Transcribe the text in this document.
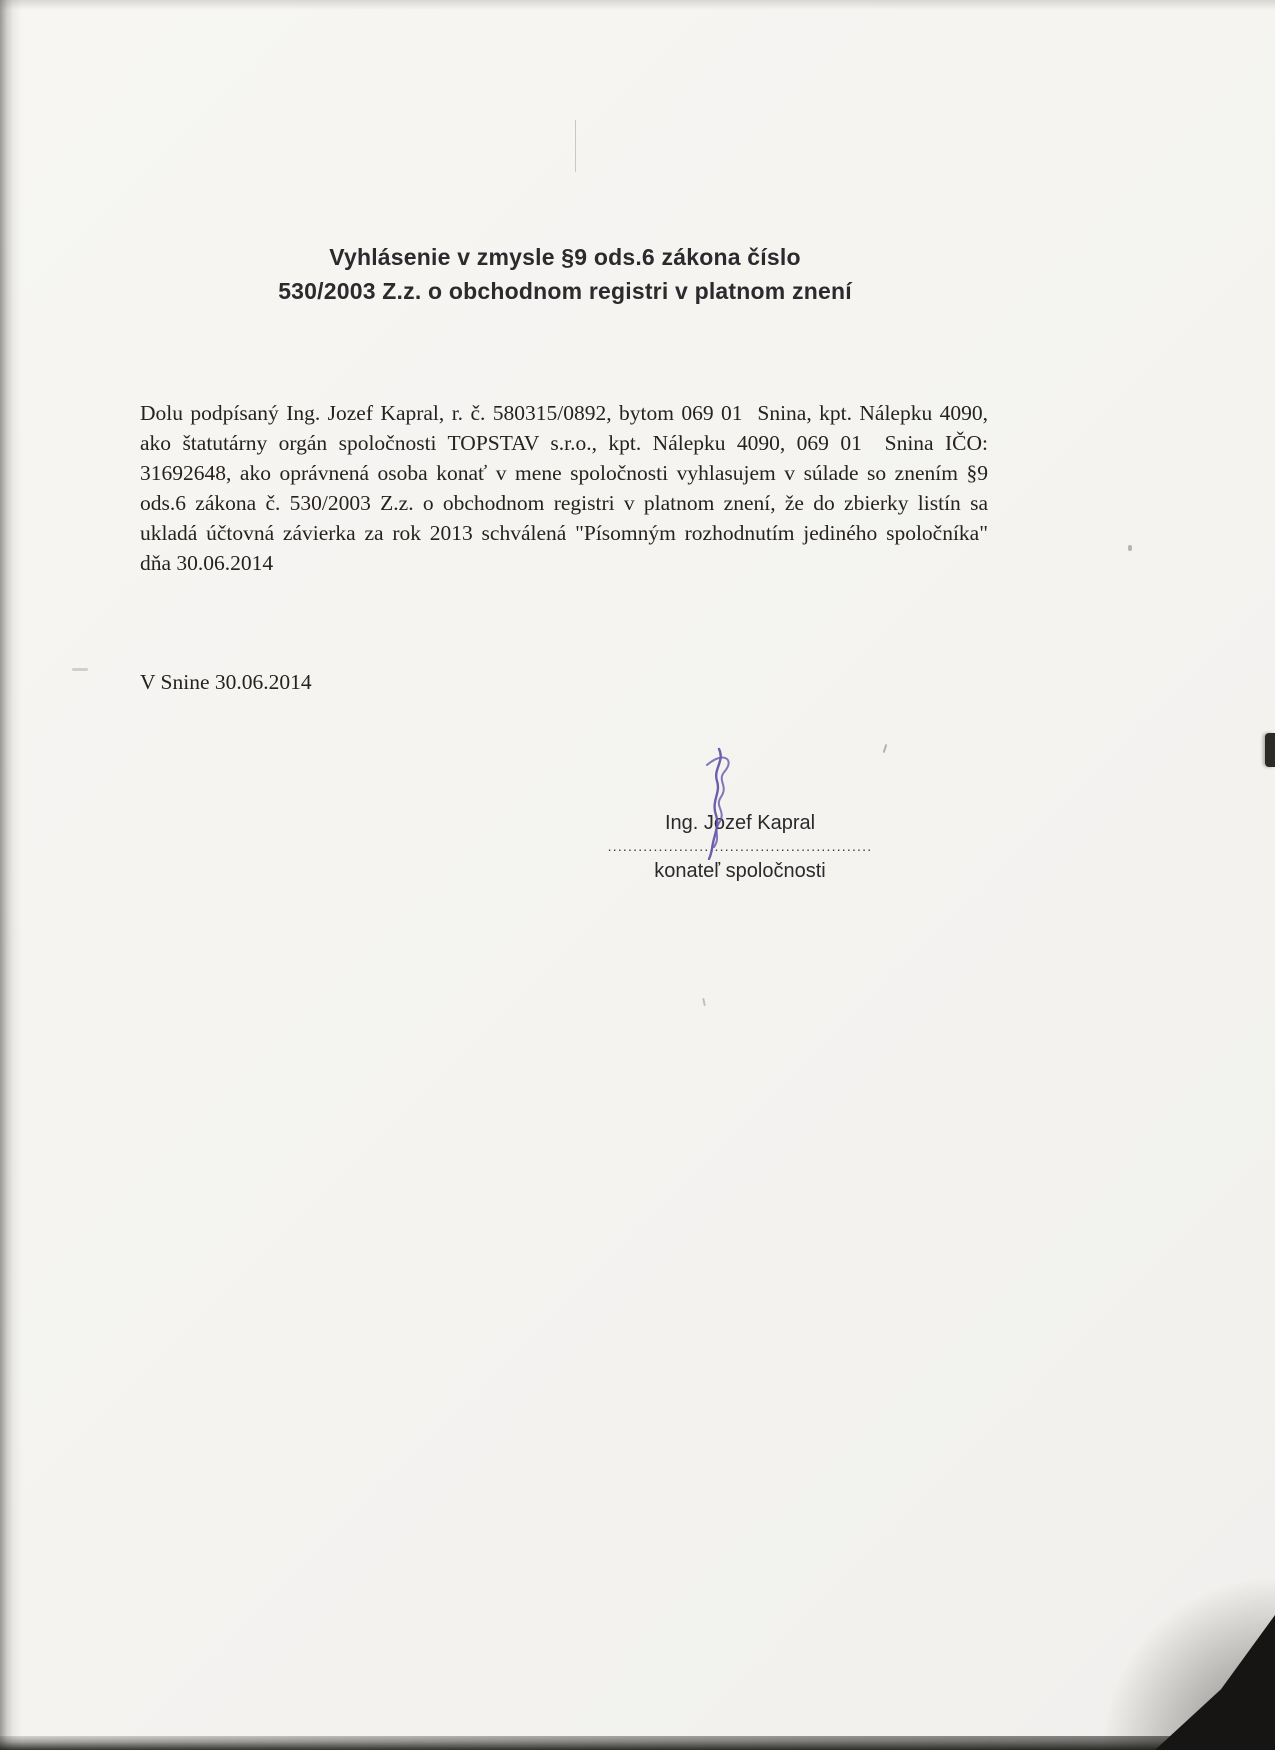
Vyhlásenie v zmysle §9 ods.6 zákona číslo
530/2003 Z.z. o obchodnom registri v platnom znení

Dolu podpísaný Ing. Jozef Kapral, r. č. 580315/0892, bytom 069 01  Snina, kpt. Nálepku 4090, ako štatutárny orgán spoločnosti TOPSTAV s.r.o., kpt. Nálepku 4090, 069 01  Snina IČO: 31692648, ako oprávnená osoba konať v mene spoločnosti vyhlasujem v súlade so znením §9 ods.6 zákona č. 530/2003 Z.z. o obchodnom registri v platnom znení, že do zbierky listín sa ukladá účtovná závierka za rok 2013 schválená "Písomným rozhodnutím jediného spoločníka" dňa 30.06.2014

V Snine 30.06.2014
Ing. Jozef Kapral
....................................................
konateľ spoločnosti
